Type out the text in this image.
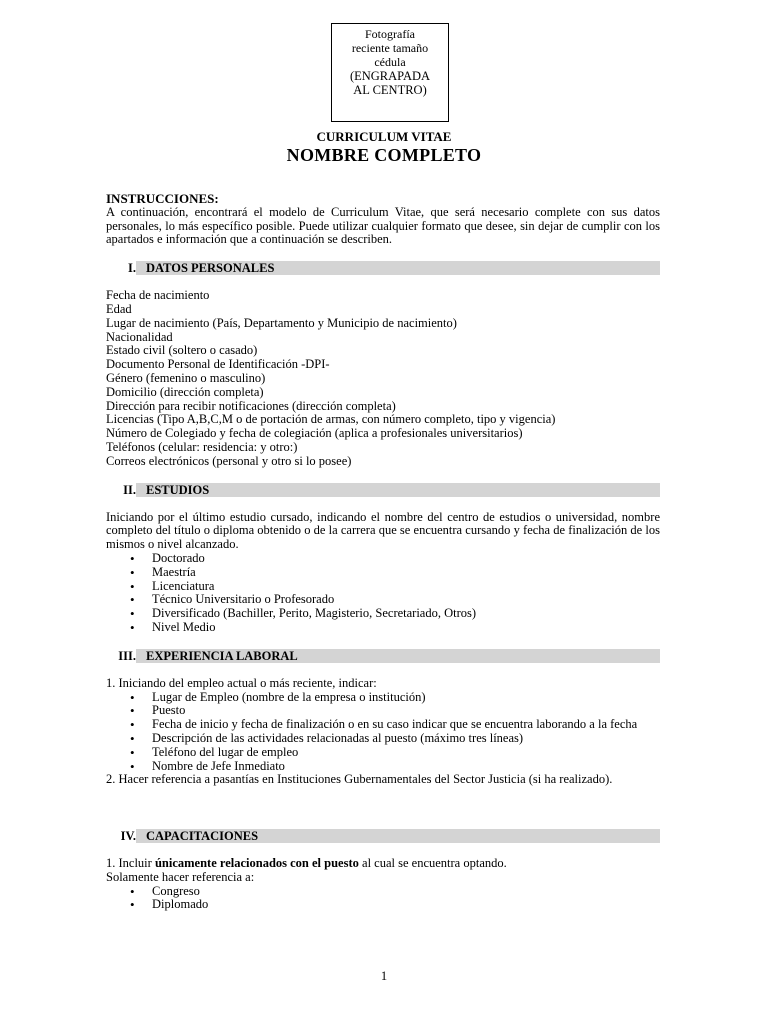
Fotografía
reciente tamaño
cédula
(ENGRAPADA
AL CENTRO)
CURRICULUM VITAE
NOMBRE COMPLETO
INSTRUCCIONES:
A continuación, encontrará el modelo de Curriculum Vitae, que será necesario complete con sus datos personales, lo más específico posible. Puede utilizar cualquier formato que desee, sin dejar de cumplir con los apartados e información que a continuación se describen.
I. DATOS PERSONALES
Fecha de nacimiento
Edad
Lugar de nacimiento (País, Departamento y Municipio de nacimiento)
Nacionalidad
Estado civil (soltero o casado)
Documento Personal de Identificación -DPI-
Género (femenino o masculino)
Domicilio (dirección completa)
Dirección para recibir notificaciones (dirección completa)
Licencias (Tipo A,B,C,M o de portación de armas, con número completo, tipo y vigencia)
Número de Colegiado y fecha de colegiación (aplica a profesionales universitarios)
Teléfonos (celular: residencia: y otro:)
Correos electrónicos (personal y otro si lo posee)
II. ESTUDIOS
Iniciando por el último estudio cursado, indicando el nombre del centro de estudios o universidad, nombre completo del título o diploma obtenido o de la carrera que se encuentra cursando y fecha de finalización de los mismos o nivel alcanzado.
• Doctorado
• Maestría
• Licenciatura
• Técnico Universitario o Profesorado
• Diversificado (Bachiller, Perito, Magisterio, Secretariado, Otros)
• Nivel Medio
III. EXPERIENCIA LABORAL
1. Iniciando del empleo actual o más reciente, indicar:
• Lugar de Empleo (nombre de la empresa o institución)
• Puesto
• Fecha de inicio y fecha de finalización o en su caso indicar que se encuentra laborando a la fecha
• Descripción de las actividades relacionadas al puesto (máximo tres líneas)
• Teléfono del lugar de empleo
• Nombre de Jefe Inmediato
2. Hacer referencia a pasantías en Instituciones Gubernamentales del Sector Justicia (si ha realizado).
IV. CAPACITACIONES
1. Incluir únicamente relacionados con el puesto al cual se encuentra optando.
Solamente hacer referencia a:
• Congreso
• Diplomado
1
